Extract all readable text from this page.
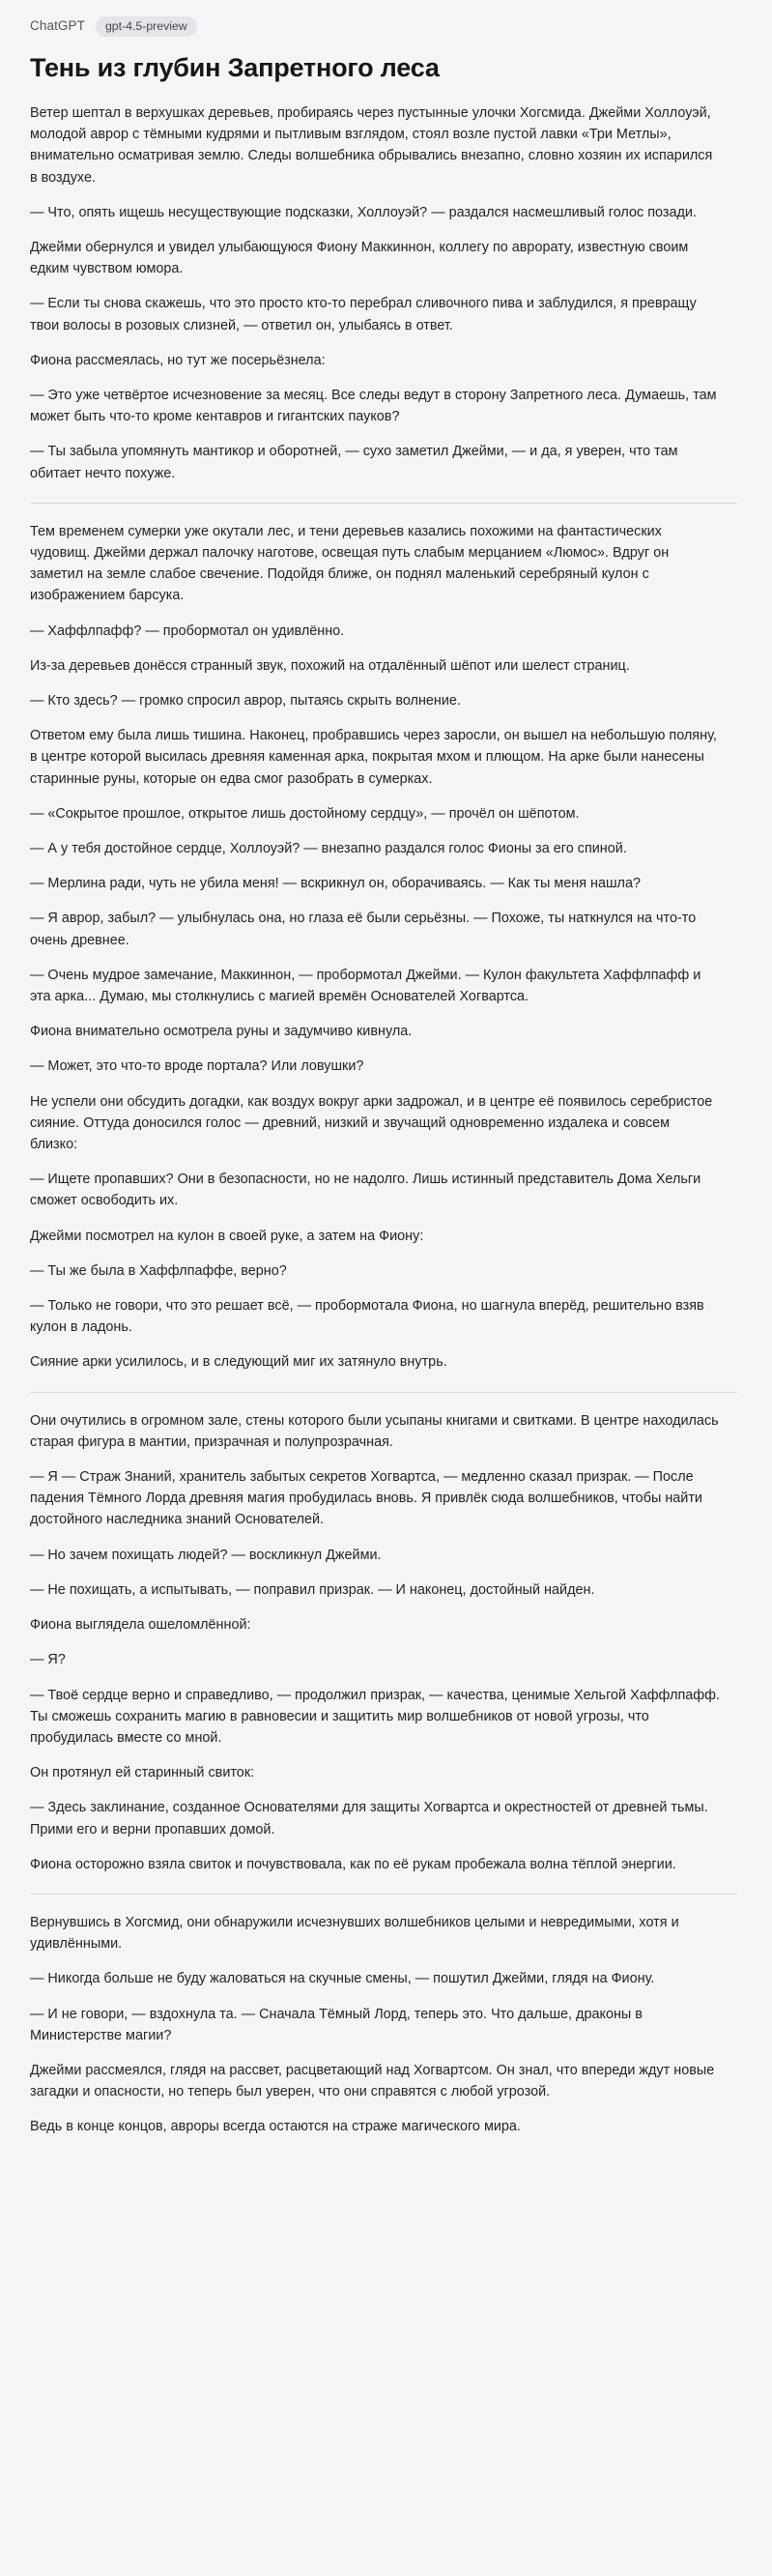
ChatGPT	gpt-4.5-preview
Тень из глубин Запретного леса

Ветер шептал в верхушках деревьев, пробираясь через пустынные улочки Хогсмида. Джейми Холлоуэй, молодой аврор с тёмными кудрями и пытливым взглядом, стоял возле пустой лавки «Три Метлы», внимательно осматривая землю. Следы волшебника обрывались внезапно, словно хозяин их испарился в воздухе.

— Что, опять ищешь несуществующие подсказки, Холлоуэй? — раздался насмешливый голос позади.

Джейми обернулся и увидел улыбающуюся Фиону Маккиннон, коллегу по аврорату, известную своим едким чувством юмора.

— Если ты снова скажешь, что это просто кто-то перебрал сливочного пива и заблудился, я превращу твои волосы в розовых слизней, — ответил он, улыбаясь в ответ.

Фиона рассмеялась, но тут же посерьёзнела:

— Это уже четвёртое исчезновение за месяц. Все следы ведут в сторону Запретного леса. Думаешь, там может быть что-то кроме кентавров и гигантских пауков?

— Ты забыла упомянуть мантикор и оборотней, — сухо заметил Джейми, — и да, я уверен, что там обитает нечто похуже.

Тем временем сумерки уже окутали лес, и тени деревьев казались похожими на фантастических чудовищ. Джейми держал палочку наготове, освещая путь слабым мерцанием «Люмос». Вдруг он заметил на земле слабое свечение. Подойдя ближе, он поднял маленький серебряный кулон с изображением барсука.

— Хаффлпафф? — пробормотал он удивлённо.

Из-за деревьев донёсся странный звук, похожий на отдалённый шёпот или шелест страниц.

— Кто здесь? — громко спросил аврор, пытаясь скрыть волнение.

Ответом ему была лишь тишина. Наконец, пробравшись через заросли, он вышел на небольшую поляну, в центре которой высилась древняя каменная арка, покрытая мхом и плющом. На арке были нанесены старинные руны, которые он едва смог разобрать в сумерках.

— «Сокрытое прошлое, открытое лишь достойному сердцу», — прочёл он шёпотом.

— А у тебя достойное сердце, Холлоуэй? — внезапно раздался голос Фионы за его спиной.

— Мерлина ради, чуть не убила меня! — вскрикнул он, оборачиваясь. — Как ты меня нашла?

— Я аврор, забыл? — улыбнулась она, но глаза её были серьёзны. — Похоже, ты наткнулся на что-то очень древнее.

— Очень мудрое замечание, Маккиннон, — пробормотал Джейми. — Кулон факультета Хаффлпафф и эта арка... Думаю, мы столкнулись с магией времён Основателей Хогвартса.

Фиона внимательно осмотрела руны и задумчиво кивнула.

— Может, это что-то вроде портала? Или ловушки?

Не успели они обсудить догадки, как воздух вокруг арки задрожал, и в центре её появилось серебристое сияние. Оттуда доносился голос — древний, низкий и звучащий одновременно издалека и совсем близко:

— Ищете пропавших? Они в безопасности, но не надолго. Лишь истинный представитель Дома Хельги сможет освободить их.

Джейми посмотрел на кулон в своей руке, а затем на Фиону:

— Ты же была в Хаффлпаффе, верно?

— Только не говори, что это решает всё, — пробормотала Фиона, но шагнула вперёд, решительно взяв кулон в ладонь.

Сияние арки усилилось, и в следующий миг их затянуло внутрь.

Они очутились в огромном зале, стены которого были усыпаны книгами и свитками. В центре находилась старая фигура в мантии, призрачная и полупрозрачная.

— Я — Страж Знаний, хранитель забытых секретов Хогвартса, — медленно сказал призрак. — После падения Тёмного Лорда древняя магия пробудилась вновь. Я привлёк сюда волшебников, чтобы найти достойного наследника знаний Основателей.

— Но зачем похищать людей? — воскликнул Джейми.

— Не похищать, а испытывать, — поправил призрак. — И наконец, достойный найден.

Фиона выглядела ошеломлённой:

— Я?

— Твоё сердце верно и справедливо, — продолжил призрак, — качества, ценимые Хельгой Хаффлпафф. Ты сможешь сохранить магию в равновесии и защитить мир волшебников от новой угрозы, что пробудилась вместе со мной.

Он протянул ей старинный свиток:

— Здесь заклинание, созданное Основателями для защиты Хогвартса и окрестностей от древней тьмы. Прими его и верни пропавших домой.

Фиона осторожно взяла свиток и почувствовала, как по её рукам пробежала волна тёплой энергии.

Вернувшись в Хогсмид, они обнаружили исчезнувших волшебников целыми и невредимыми, хотя и удивлёнными.

— Никогда больше не буду жаловаться на скучные смены, — пошутил Джейми, глядя на Фиону.

— И не говори, — вздохнула та. — Сначала Тёмный Лорд, теперь это. Что дальше, драконы в Министерстве магии?

Джейми рассмеялся, глядя на рассвет, расцветающий над Хогвартсом. Он знал, что впереди ждут новые загадки и опасности, но теперь был уверен, что они справятся с любой угрозой.

Ведь в конце концов, авроры всегда остаются на страже магического мира.
